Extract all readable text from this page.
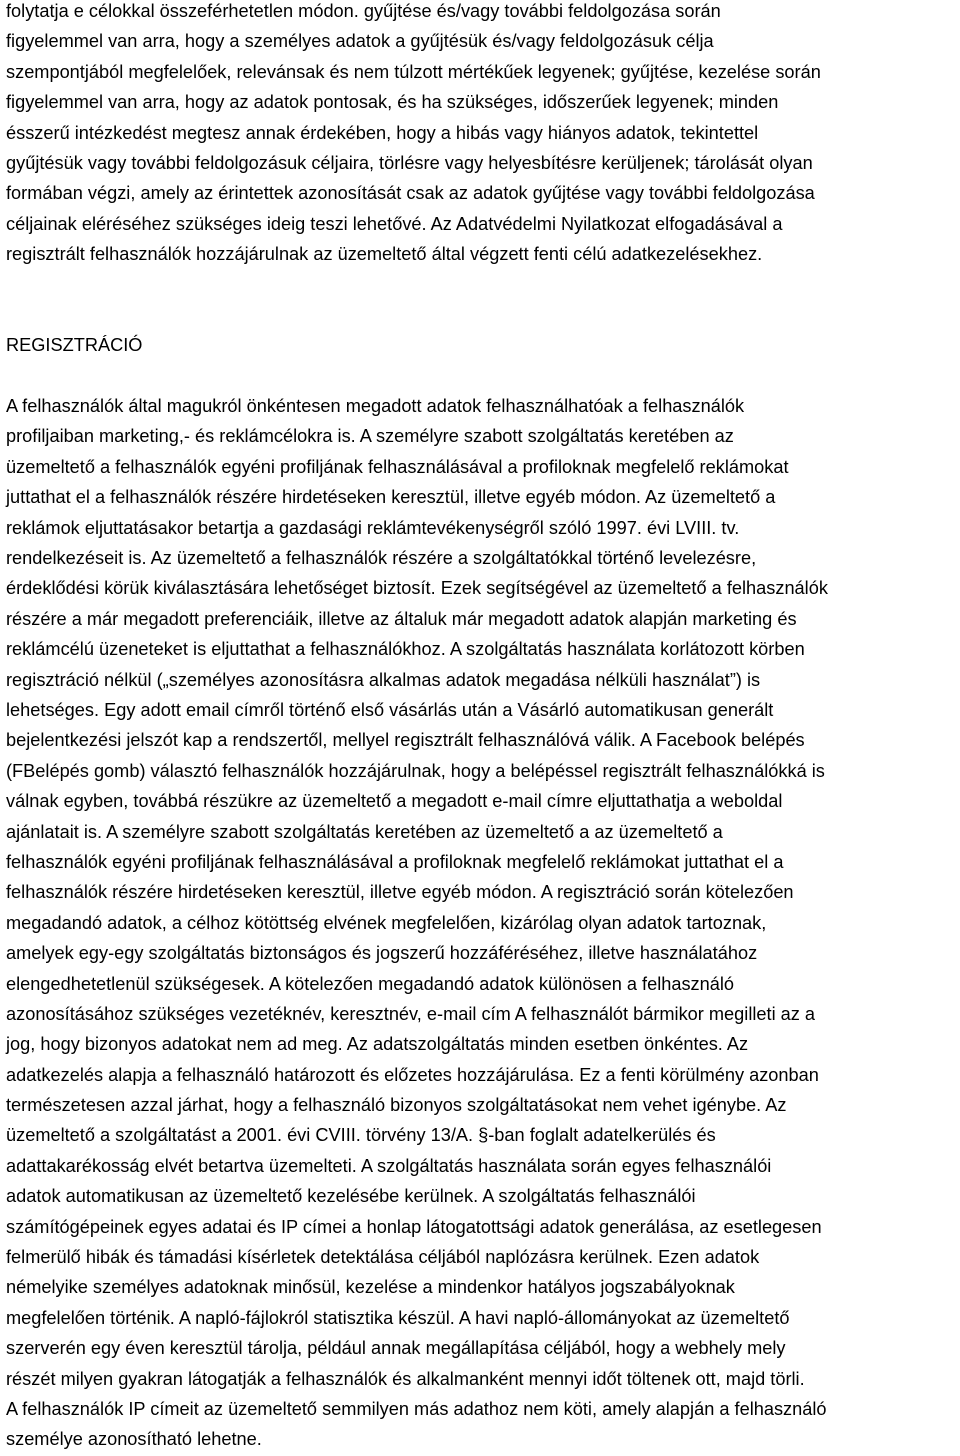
folytatja e célokkal összeférhetetlen módon. gyűjtése és/vagy további feldolgozása során
figyelemmel van arra, hogy a személyes adatok a gyűjtésük és/vagy feldolgozásuk célja
szempontjából megfelelőek, relevánsak és nem túlzott mértékűek legyenek; gyűjtése, kezelése során
figyelemmel van arra, hogy az adatok pontosak, és ha szükséges, időszerűek legyenek; minden
ésszerű intézkedést megtesz annak érdekében, hogy a hibás vagy hiányos adatok, tekintettel
gyűjtésük vagy további feldolgozásuk céljaira, törlésre vagy helyesbítésre kerüljenek; tárolását olyan
formában végzi, amely az érintettek azonosítását csak az adatok gyűjtése vagy további feldolgozása
céljainak eléréséhez szükséges ideig teszi lehetővé. Az Adatvédelmi Nyilatkozat elfogadásával a
regisztrált felhasználók hozzájárulnak az üzemeltető által végzett fenti célú adatkezelésekhez.
REGISZTRÁCIÓ
A felhasználók által magukról önkéntesen megadott adatok felhasználhatóak a felhasználók
profiljaiban marketing,- és reklámcélokra is. A személyre szabott szolgáltatás keretében az
üzemeltető a felhasználók egyéni profiljának felhasználásával a profiloknak megfelelő reklámokat
juttathat el a felhasználók részére hirdetéseken keresztül, illetve egyéb módon. Az üzemeltető a
reklámok eljuttatásakor betartja a gazdasági reklámtevékenységről szóló 1997. évi LVIII. tv.
rendelkezéseit is. Az üzemeltető a felhasználók részére a szolgáltatókkal történő levelezésre,
érdeklődési körük kiválasztására lehetőséget biztosít. Ezek segítségével az üzemeltető a felhasználók
részére a már megadott preferenciáik, illetve az általuk már megadott adatok alapján marketing és
reklámcélú üzeneteket is eljuttathat a felhasználókhoz. A szolgáltatás használata korlátozott körben
regisztráció nélkül („személyes azonosításra alkalmas adatok megadása nélküli használat”) is
lehetséges. Egy adott email címről történő első vásárlás után a Vásárló automatikusan generált
bejelentkezési jelszót kap a rendszertől, mellyel regisztrált felhasználóvá válik. A Facebook belépés
(FBelépés gomb) választó felhasználók hozzájárulnak, hogy a belépéssel regisztrált felhasználókká is
válnak egyben, továbbá részükre az üzemeltető a megadott e-mail címre eljuttathatja a weboldal
ajánlatait is. A személyre szabott szolgáltatás keretében az üzemeltető a az üzemeltető a
felhasználók egyéni profiljának felhasználásával a profiloknak megfelelő reklámokat juttathat el a
felhasználók részére hirdetéseken keresztül, illetve egyéb módon. A regisztráció során kötelezően
megadandó adatok, a célhoz kötöttség elvének megfelelően, kizárólag olyan adatok tartoznak,
amelyek egy-egy szolgáltatás biztonságos és jogszerű hozzáféréséhez, illetve használatához
elengedhetetlenül szükségesek. A kötelezően megadandó adatok különösen a felhasználó
azonosításához szükséges vezetéknév, keresztnév, e-mail cím A felhasználót bármikor megilleti az a
jog, hogy bizonyos adatokat nem ad meg. Az adatszolgáltatás minden esetben önkéntes. Az
adatkezelés alapja a felhasználó határozott és előzetes hozzájárulása. Ez a fenti körülmény azonban
természetesen azzal járhat, hogy a felhasználó bizonyos szolgáltatásokat nem vehet igénybe. Az
üzemeltető a szolgáltatást a 2001. évi CVIII. törvény 13/A. §-ban foglalt adatelkerülés és
adattakarékosság elvét betartva üzemelteti. A szolgáltatás használata során egyes felhasználói
adatok automatikusan az üzemeltető kezelésébe kerülnek. A szolgáltatás felhasználói
számítógépeinek egyes adatai és IP címei a honlap látogatottsági adatok generálása, az esetlegesen
felmerülő hibák és támadási kísérletek detektálása céljából naplózásra kerülnek. Ezen adatok
némelyike személyes adatoknak minősül, kezelése a mindenkor hatályos jogszabályoknak
megfelelően történik. A napló-fájlokról statisztika készül. A havi napló-állományokat az üzemeltető
szerverén egy éven keresztül tárolja, például annak megállapítása céljából, hogy a webhely mely
részét milyen gyakran látogatják a felhasználók és alkalmanként mennyi időt töltenek ott, majd törli.
A felhasználók IP címeit az üzemeltető semmilyen más adathoz nem köti, amely alapján a felhasználó
személye azonosítható lehetne.
